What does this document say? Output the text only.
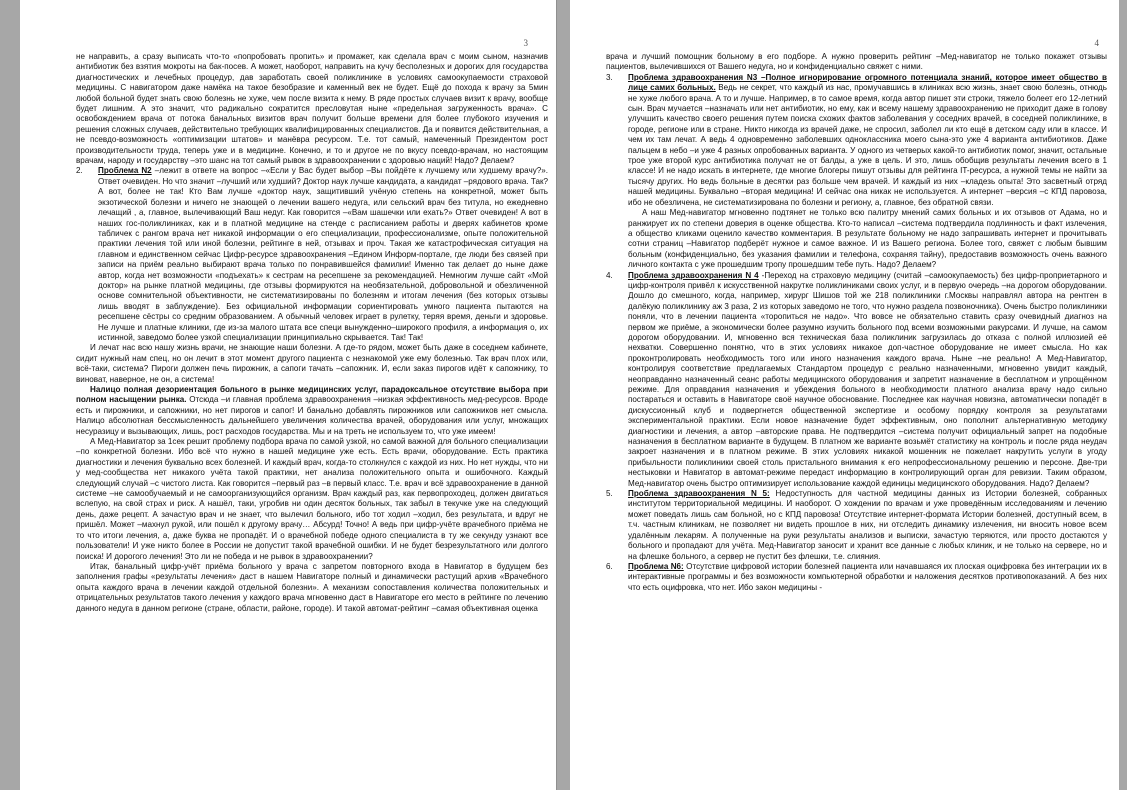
3

не направить, а сразу выписать что-то «попробовать пропить» и промажет, как сделала врач с моим сыном, назначив антибиотик без взятия мокроты на бак-посев. А может, наоборот, направить на кучу бесполезных и дорогих для государства диагностических и лечебных процедур, дав заработать своей поликлинике в условиях самоокупаемости страховой медицины. С навигатором даже намёка на такое безобразие и каменный век не будет. Ещё до похода к врачу за 5мин любой больной будет знать свою болезнь не хуже, чем после визита к нему. В ряде простых случаев визит к врачу, вообще будет лишним. А это значит, что радикально сократится пресловутая ныне «предельная загруженность врача». С освобождением врача от потока банальных визитов врач получит больше времени для более глубокого изучения и решения сложных случаев, действительно требующих квалифицированных специалистов. Да и появится действительная, а не псевдо-возможность «оптимизации штатов» и манёвра ресурсом. Т.е. тот самый, намеченный Президентом рост производительности труда, теперь уже и в медицине. Конечно, и то и другое не по вкусу псевдо-врачам, но настоящим врачам, народу и государству –это шанс на тот самый рывок в здравоохранении с здоровью наций! Надо? Делаем?

2. Проблема N2 –лежит в ответе на вопрос –«Если у Вас будет выбор –Вы пойдёте к лучшему или худшему врачу?». Ответ очевиден. Но что значит –лучший или худший? Доктор наук лучше кандидата, а кандидат –рядового врача. Так? А вот, более не так! Кто Вам лучше «доктор наук, защитивший учёную степень на конкретной, может быть экзотической болезни и ничего не знающей о лечении вашего недуга, или сельский врач без титула, но ежедневно лечащий , а, главное, вылечивающий Ваш недуг. Как говорится –«Вам шашечки или ехать?» Ответ очевиден! А вот в наших гос-поликлиниках, как и в платной медицине на стенде с расписанием работы и дверях кабинетов кроме табличек с рангом врача нет никакой информации о его специализации, профессионализме, опыте положительной практики лечения той или иной болезни, рейтинге в ней, отзывах и проч. Такая же катастрофическая ситуация на главном и единственном сейчас Цифр-ресурсе здравоохранения –Едином Информ-портале, где люди без связей при записи на приём реально выбирают врача только по понравившейся фамилии! Именно так делает до ныне даже автор, когда нет возможности «подъехать» к сестрам на ресепшене за рекомендацией. Немногим лучше сайт «Мой доктор» на рынке платной медицины, где отзывы формируются на необязательной, добровольной и обезличенной основе сомнительной объективности, не систематизированы по болезням и итогам лечения (без которых отзывы лишь вводят в заблуждение). Без официальной информации сориентировать умного пациента пытаются на ресепшене сёстры со средним образованием. А обычный человек играет в рулетку, теряя время, деньги и здоровье. Не лучше и платные клиники, где из-за малого штата все специ вынужденно–широкого профиля, а информация о, их истинной, заведомо более узкой специализации принципиально скрывается. Так! Так!

И лечат нас всю нашу жизнь врачи, не знающие наши болезни. А где-то рядом, может быть даже в соседнем кабинете, сидит нужный нам спец, но он лечит в этот момент другого пациента с незнакомой уже ему болезнью. Так врач плох или, всё-таки, система? Пироги должен печь пирожник, а сапоги тачать –сапожник. И, если заказ пирогов идёт к сапожнику, то виноват, наверное, не он, а система!

Налицо полная дезориентация больного в рынке медицинских услуг, парадоксальное отсутствие выбора при полном насыщении рынка. Отсюда –и главная проблема здравоохранения –низкая эффективность мед-ресурсов. Вроде есть и пирожники, и сапожники, но нет пирогов и сапог! И банально добавлять пирожников или сапожников нет смысла. Налицо абсолютная бессмысленность дальнейшего увеличения количества врачей, оборудования или услуг, множащих несуразицу и вызывающих, лишь, рост расходов государства. Мы и на треть не используем то, что уже имеем!

А Мед-Навигатор за 1сек решит проблему подбора врача по самой узкой, но самой важной для больного специализации –по конкретной болезни. Ибо всё что нужно в нашей медицине уже есть. Есть врачи, оборудование. Есть практика диагностики и лечения буквально всех болезней. И каждый врач, когда-то столкнулся с каждой из них. Но нет нужды, что ни у мед-сообщества нет никакого учёта такой практики, нет анализа положительного опыта и ошибочного. Каждый следующий случай –с чистого листа. Как говорится –первый раз –в первый класс. Т.е. врач и всё здравоохранение в данной системе –не самообучаемый и не самоорганизующийся организм. Врач каждый раз, как первопроходец, должен двигаться вслепую, на свой страх и риск. А нашёл, таки, угробив ни один десяток больных, так забыл в текучке уже на следующий день, даже рецепт. А зачастую врач и не знает, что вылечил больного, ибо тот ходил –ходил, без результата, и вдруг не пришёл. Может –махнул рукой, или пошёл к другому врачу… Абсурд! Точно! А ведь при цифр-учёте врачебного приёма не то что итоги лечения, а, даже буква не пропадёт. И о врачебной победе одного специалиста в ту же секунду узнают все пользователи! И уже никто более в России не допустит такой врачебной ошибки. И не будет безрезультатного или долгого поиска! И дорогого лечения! Это ли не победа и не рывок в здравоохранении?

Итак, банальный цифр-учёт приёма больного у врача с запретом повторного входа в Навигатор в будущем без заполнения графы «результаты лечения» даст в нашем Навигаторе полный и динамически растущий архив «Врачебного опыта каждого врача в лечении каждой отдельной болезни». А механизм сопоставления количества положительных и отрицательных результатов такого лечения у каждого врача мгновенно даст в Навигаторе его место в рейтинге по лечению данного недуга в данном регионе (стране, области, районе, городе). И такой автомат-рейтинг –самая объективная оценка

4

врача и лучший помощник больному в его подборе. А нужно проверить рейтинг –Мед-навигатор не только покажет отзывы пациентов, вылечившихся от Вашего недуга, но и конфиденциально свяжет с ними.

3. Проблема здравоохранения N3 –Полное игнорирование огромного потенциала знаний, которое имеет общество в лице самих больных. Ведь не секрет, что каждый из нас, промучавшись в клиниках всю жизнь, знает свою болезнь, отнюдь не хуже любого врача. А то и лучше. Например, в то самое время, когда автор пишет эти строки, тяжело болеет его 12-летний сын. Врач мучается –назначать или нет антибиотик, но ему, как и всему нашему здравоохранению не приходит даже в голову улучшить качество своего решения путем поиска схожих фактов заболевания у соседних врачей, в соседней поликлинике, в городе, регионе или в стране. Никто никогда из врачей даже, не спросил, заболел ли кто ещё в детском саду или в классе. И чем их там лечат. А ведь 4 одновременно заболевших одноклассника моего сына-это уже 4 варианта антибиотиков. Даже пальцем в небо –и уже 4 разных опробованных варианта. У одного из четверых какой-то антибиотик помог, значит, остальные трое уже второй курс антибиотика получат не от балды, а уже в цель. И это, лишь обобщив результаты лечения всего в 1 классе! И не надо искать в интернете, где многие блогеры пишут отзывы для рейтинга IT-ресурса, а нужной темы не найти за тысячу других. Но ведь больные в десятки раз больше чем врачей. И каждый из них –кладезь опыта! Это засветный отряд нашей медицины. Буквально –вторая медицина! И сейчас она никак не используется. А интернет –версия –с КПД паровоза, ибо не обезличена, не систематизирована по болезни и региону, а, главное, без обратной связи.

А наш Мед-навигатор мгновенно подтянет не только всю палитру мнений самих больных и их отзывов от Адама, но и ранжирует их по степени доверия в оценке общества. Кто-то написал –система подтвердила подлинность и факт излечения, а общество кликами оценило качество комментария. В результате больному не надо запрашивать интернет и прочитывать сотни страниц –Навигатор подберёт нужное и самое важное. И из Вашего региона. Более того, свяжет с любым бывшим больным (конфиденциально, без указания фамилии и телефона, сохраняя тайну), предоставив возможность очень важного личного контакта с уже прошедшим тропу прошедшим тебе путь. Надо? Делаем?

4. Проблема здравоохранения N 4 -Переход на страховую медицину (считай –самоокупаемость) без цифр-проприетарного и цифр-контроля привёл к искусственной накрутке поликлиниками своих услуг, и в первую очередь –на дорогом оборудовании. Дошло до смешного, когда, например, хирург Шишов той же 218 поликлиники г.Москвы направлял автора на рентген в далёкую поликлинику аж 3 раза, 2 из которых заведомо не того, что нужно раздела позвоночника). Очень быстро поликлиники поняли, что в лечении пациента «торопиться не надо». Что вовсе не обязательно ставить сразу очевидный диагноз на первом же приёме, а экономически более разумно изучить больного под всеми возможными ракурсами. И лучше, на самом дорогом оборудовании. И, мгновенно вся техническая база поликлиник загрузилась до отказа с полной иллюзией её нехватки. Совершенно понятно, что в этих условиях никакое доп-частное оборудование не имеет смысла. Но как проконтролировать необходимость того или иного назначения каждого врача. Ныне –не реально! А Мед-Навигатор, контролируя соответствие предлагаемых Стандартом процедур с реально назначенными, мгновенно увидит каждый, неоправданно назначенный сеанс работы медицинского оборудования и запретит назначение в бесплатном и упрощённом режиме. Для оправдания назначения и убеждения больного в необходимости платного анализа врачу надо сильно постараться и оставить в Навигаторе своё научное обоснование. Последнее как научная новизна, автоматически попадёт в дискуссионный клуб и подвергнется общественной экспертизе и особому порядку контроля за результатами экспериментальной практики. Если новое назначение будет эффективным, оно пополнит альтернативную методику диагностики и лечения, а автор –авторские права. Не подтвердится –система получит официальный запрет на подобные назначения в бесплатном варианте в будущем. В платном же варианте возьмёт статистику на контроль и после ряда неудач закроет назначения и в платном режиме. В этих условиях никакой мошенник не пожелает накрутить услуги в угоду прибыльности поликлиники своей столь пристального внимания к его непрофессиональному решению и персоне. Две-три нестыковки и Навигатор в автомат-режиме передаст информацию в контролирующий орган для ревизии. Таким образом, Мед-навигатор очень быстро оптимизирует использование каждой единицы медицинского оборудования. Надо? Делаем?
5. Проблема здравоохранения N 5: Недоступность для частной медицины данных из Истории болезней, собранных институтом территориальной медицины. И наоборот. О хождении по врачам и уже проведённым исследованиям и лечению может поведать лишь сам больной, но с КПД паровоза! Отсутствие интернет-формата Истории болезней, доступный всем, в т.ч. частным клиникам, не позволяет ни видеть прошлое в них, ни отследить динамику излечения, ни вносить новое всем удалённым лекарям. А полученные на руки результаты анализов и выписки, зачастую теряются, или просто достаются у больного и пропадают для учёта. Мед-Навигатор заносит и хранит все данные с любых клиник, и не только на сервере, но и на флешке больного, а сервер не пустит без флешки, т.е. слияния.
6. Проблема N6: Отсутствие цифровой истории болезней пациента или начавшаяся их плоская оцифровка без интеграции их в интерактивные программы и без возможности компьютерной обработки и наложения десятков противопоказаний. А без них что есть оцифровка, что нет. Ибо закон медицины -
